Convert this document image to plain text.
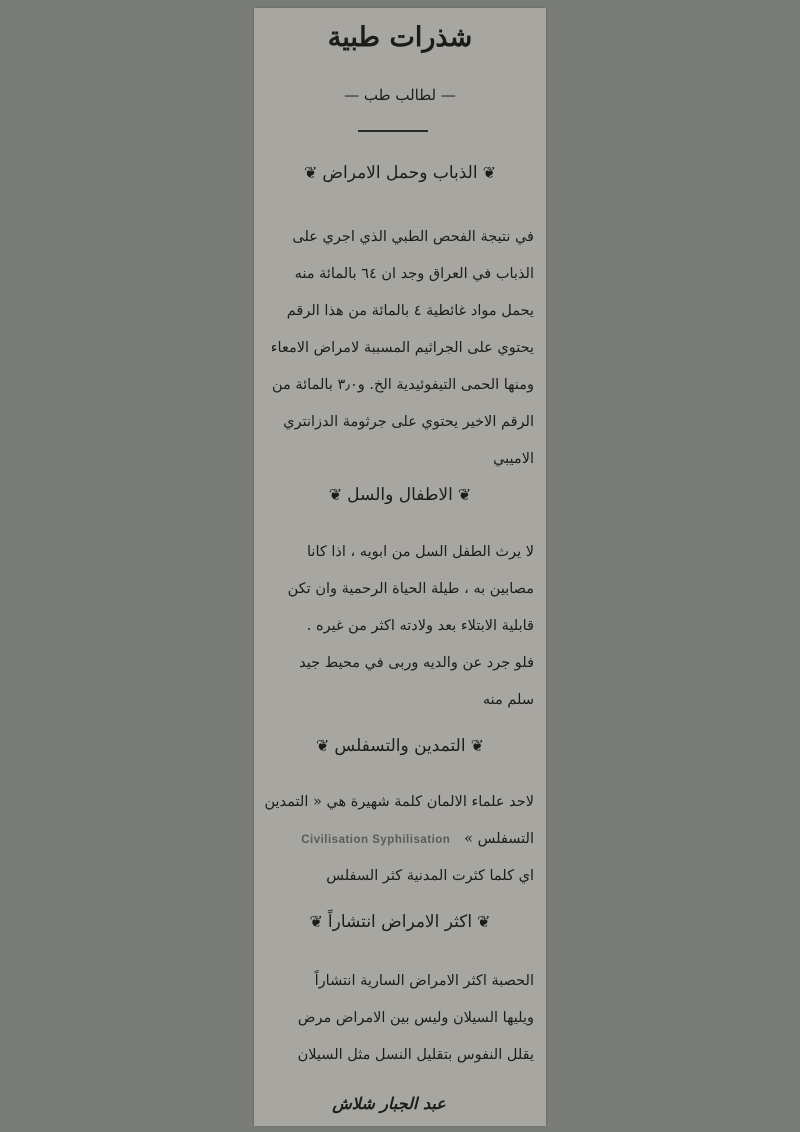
شذرات طبية
— لطالب طب —
❦الذباب وحمل الامراض❦
في نتيجة الفحص الطبي الذي اجري على
الذباب في العراق وجد ان ٦٤ بالمائة منه
يحمل مواد غائطية ٤ بالمائة من هذا الرقم
يحتوي على الجراثيم المسببة لامراض الامعاء
ومنها الحمى التيفوئيدية الخ. و٣٫٠ بالمائة من
الرقم الاخير يحتوي على جرثومة الدزانتري
الاميبي
❦الاطفال والسل❦
لا يرث الطفل السل من ابويه ، اذا كانا
مصابين به ، طيلة الحياة الرحمية وان تكن
قابلية الابتلاء بعد ولادته اكثر من غيره .
فلو جرد عن والديه وربى في محيط جيد
سلم منه
❦التمدين والتسفلس❦
لاحد علماء الالمان كلمة شهيرة هي « التمدين
التسفلس »   Civilisation Syphilisation
اي كلما كثرت المدنية كثر السفلس
❦اكثر الامراض انتشاراً❦
الحصبة اكثر الامراض السارية انتشاراً
ويليها السيلان وليس بين الامراض مرض
يقلل النفوس بتقليل النسل مثل السيلان
عبد الجبار شلاش
